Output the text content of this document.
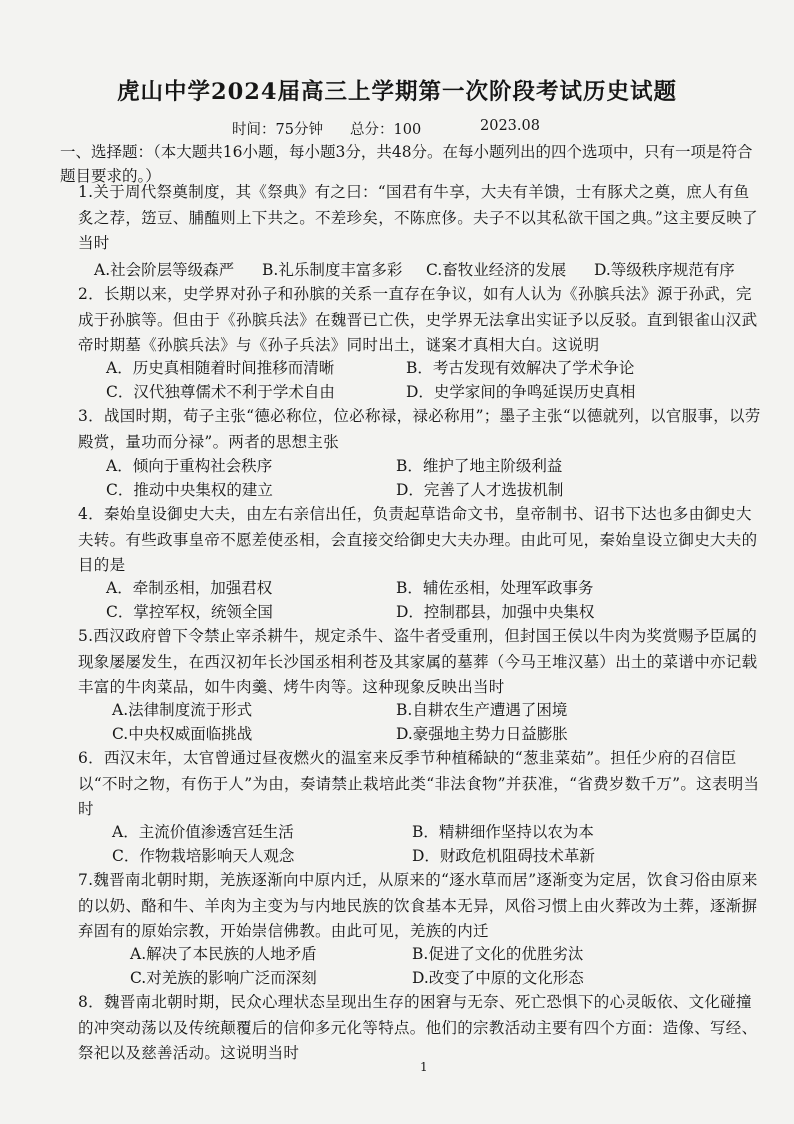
虎山中学2024届高三上学期第一次阶段考试历史试题
时间：75分钟 总分：100	2023.08
一、选择题：（本大题共16小题，每小题3分，共48分。在每小题列出的四个选项中，只有一项是符合题目要求的。）
1.关于周代祭奠制度，其《祭典》有之曰：“国君有牛享，大夫有羊馈，士有豚犬之奠，庶人有鱼炙之荐，笾豆、脯醢则上下共之。不差珍矣，不陈庶侈。夫子不以其私欲干国之典。”这主要反映了当时
A.社会阶层等级森严 B.礼乐制度丰富多彩 C.畜牧业经济的发展 D.等级秩序规范有序
2．长期以来，史学界对孙子和孙膑的关系一直存在争议，如有人认为《孙膑兵法》源于孙武，完成于孙膑等。但由于《孙膑兵法》在魏晋已亡佚，史学界无法拿出实证予以反驳。直到银雀山汉武帝时期墓《孙膑兵法》与《孙子兵法》同时出土，谜案才真相大白。这说明
A．历史真相随着时间推移而清晰	B．考古发现有效解决了学术争论
C．汉代独尊儒术不利于学术自由	D．史学家间的争鸣延误历史真相
3．战国时期，荀子主张“德必称位，位必称禄，禄必称用”；墨子主张“以德就列，以官服事，以劳殿赏，量功而分禄”。两者的思想主张
A．倾向于重构社会秩序	B．维护了地主阶级利益
C．推动中央集权的建立	D．完善了人才选拔机制
4．秦始皇设御史大夫，由左右亲信出任，负责起草诰命文书，皇帝制书、诏书下达也多由御史大夫转。有些政事皇帝不愿差使丞相，会直接交给御史大夫办理。由此可见，秦始皇设立御史大夫的目的是
A．牵制丞相，加强君权	B．辅佐丞相，处理军政事务
C．掌控军权，统领全国	D．控制郡县，加强中央集权
5.西汉政府曾下令禁止宰杀耕牛，规定杀牛、盗牛者受重刑，但封国王侯以牛肉为奖赏赐予臣属的现象屡屡发生，在西汉初年长沙国丞相利苍及其家属的墓葬（今马王堆汉墓）出土的菜谱中亦记载丰富的牛肉菜品，如牛肉羹、烤牛肉等。这种现象反映出当时
A.法律制度流于形式	B.自耕农生产遭遇了困境
C.中央权威面临挑战	D.豪强地主势力日益膨胀
6．西汉末年，太官曾通过昼夜燃火的温室来反季节种植稀缺的“葱韭菜茹”。担任少府的召信臣以“不时之物，有伤于人”为由，奏请禁止栽培此类“非法食物”并获准，“省费岁数千万”。这表明当时
A．主流价值渗透宫廷生活	B．精耕细作坚持以农为本
C．作物栽培影响天人观念	D．财政危机阻碍技术革新
7.魏晋南北朝时期，羌族逐渐向中原内迁，从原来的“逐水草而居”逐渐变为定居，饮食习俗由原来的以奶、酪和牛、羊肉为主变为与内地民族的饮食基本无异，风俗习惯上由火葬改为土葬，逐渐摒弃固有的原始宗教，开始崇信佛教。由此可见，羌族的内迁
A.解决了本民族的人地矛盾	B.促进了文化的优胜劣汰
C.对羌族的影响广泛而深刻	D.改变了中原的文化形态
8．魏晋南北朝时期，民众心理状态呈现出生存的困窘与无奈、死亡恐惧下的心灵皈依、文化碰撞的冲突动荡以及传统颠覆后的信仰多元化等特点。他们的宗教活动主要有四个方面：造像、写经、祭祀以及慈善活动。这说明当时
1
